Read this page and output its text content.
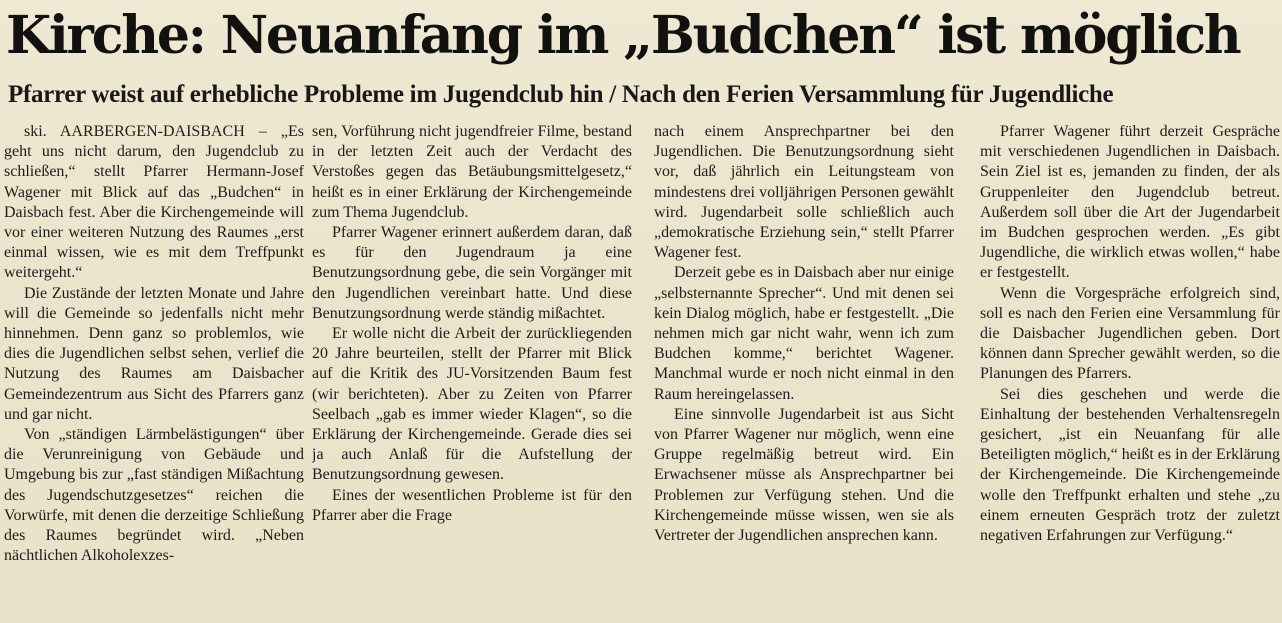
Kirche: Neuanfang im „Budchen“ ist möglich
Pfarrer weist auf erhebliche Probleme im Jugendclub hin / Nach den Ferien Versammlung für Jugendliche

ski. AARBERGEN-DAISBACH – „Es geht uns nicht darum, den Jugendclub zu schließen,“ stellt Pfarrer Hermann-Josef Wagener mit Blick auf das „Budchen“ in Daisbach fest. Aber die Kirchengemeinde will vor einer weiteren Nutzung des Raumes „erst einmal wissen, wie es mit dem Treffpunkt weitergeht.“

Die Zustände der letzten Monate und Jahre will die Gemeinde so jedenfalls nicht mehr hinnehmen. Denn ganz so problemlos, wie dies die Jugendlichen selbst sehen, verlief die Nutzung des Raumes am Daisbacher Gemeindezentrum aus Sicht des Pfarrers ganz und gar nicht.

Von „ständigen Lärmbelästigungen“ über die Verunreinigung von Gebäude und Umgebung bis zur „fast ständigen Mißachtung des Jugendschutzgesetzes“ reichen die Vorwürfe, mit denen die derzeitige Schließung des Raumes begründet wird. „Neben nächtlichen Alkoholexzes-

sen, Vorführung nicht jugendfreier Filme, bestand in der letzten Zeit auch der Verdacht des Verstoßes gegen das Betäubungsmittelgesetz,“ heißt es in einer Erklärung der Kirchengemeinde zum Thema Jugendclub.

Pfarrer Wagener erinnert außerdem daran, daß es für den Jugendraum ja eine Benutzungsordnung gebe, die sein Vorgänger mit den Jugendlichen vereinbart hatte. Und diese Benutzungsordnung werde ständig mißachtet.

Er wolle nicht die Arbeit der zurückliegenden 20 Jahre beurteilen, stellt der Pfarrer mit Blick auf die Kritik des JU-Vorsitzenden Baum fest (wir berichteten). Aber zu Zeiten von Pfarrer Seelbach „gab es immer wieder Klagen“, so die Erklärung der Kirchengemeinde. Gerade dies sei ja auch Anlaß für die Aufstellung der Benutzungsordnung gewesen.

Eines der wesentlichen Probleme ist für den Pfarrer aber die Frage

nach einem Ansprechpartner bei den Jugendlichen. Die Benutzungsordnung sieht vor, daß jährlich ein Leitungsteam von mindestens drei volljährigen Personen gewählt wird. Jugendarbeit solle schließlich auch „demokratische Erziehung sein,“ stellt Pfarrer Wagener fest.

Derzeit gebe es in Daisbach aber nur einige „selbsternannte Sprecher“. Und mit denen sei kein Dialog möglich, habe er festgestellt. „Die nehmen mich gar nicht wahr, wenn ich zum Budchen komme,“ berichtet Wagener. Manchmal wurde er noch nicht einmal in den Raum hereingelassen.

Eine sinnvolle Jugendarbeit ist aus Sicht von Pfarrer Wagener nur möglich, wenn eine Gruppe regelmäßig betreut wird. Ein Erwachsener müsse als Ansprechpartner bei Problemen zur Verfügung stehen. Und die Kirchengemeinde müsse wissen, wen sie als Vertreter der Jugendlichen ansprechen kann.

Pfarrer Wagener führt derzeit Gespräche mit verschiedenen Jugendlichen in Daisbach. Sein Ziel ist es, jemanden zu finden, der als Gruppenleiter den Jugendclub betreut. Außerdem soll über die Art der Jugendarbeit im Budchen gesprochen werden. „Es gibt Jugendliche, die wirklich etwas wollen,“ habe er festgestellt.

Wenn die Vorgespräche erfolgreich sind, soll es nach den Ferien eine Versammlung für die Daisbacher Jugendlichen geben. Dort können dann Sprecher gewählt werden, so die Planungen des Pfarrers.

Sei dies geschehen und werde die Einhaltung der bestehenden Verhaltensregeln gesichert, „ist ein Neuanfang für alle Beteiligten möglich,“ heißt es in der Erklärung der Kirchengemeinde. Die Kirchengemeinde wolle den Treffpunkt erhalten und stehe „zu einem erneuten Gespräch trotz der zuletzt negativen Erfahrungen zur Verfügung.“
